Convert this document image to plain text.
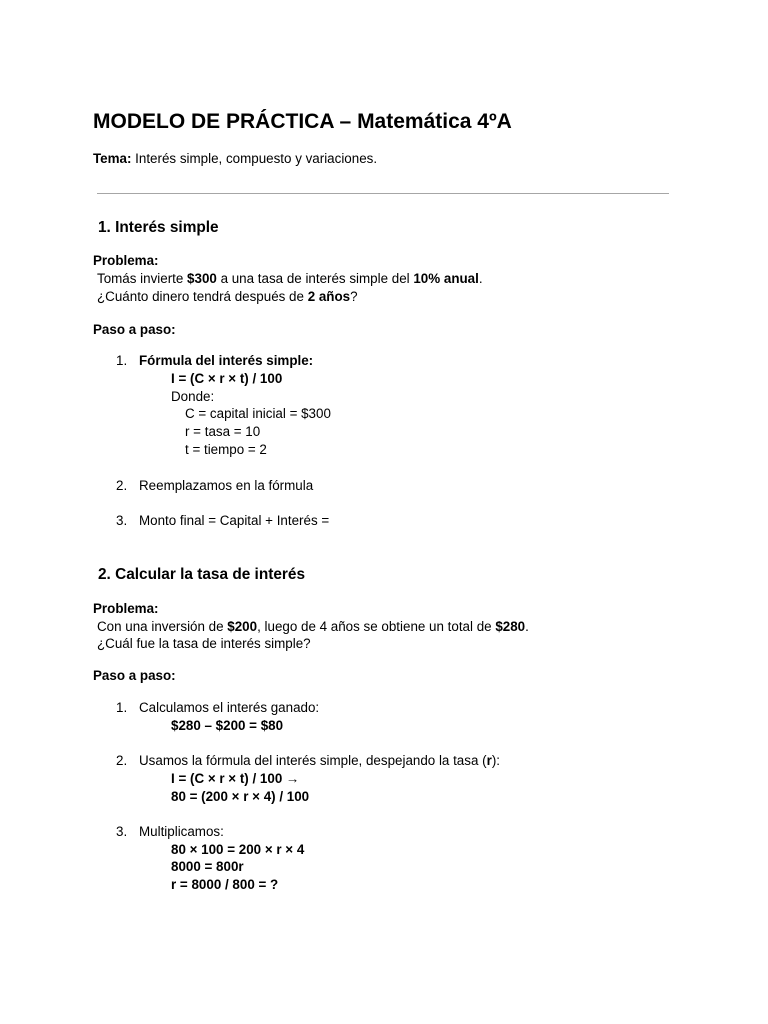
MODELO DE PRÁCTICA – Matemática 4ºA
Tema: Interés simple, compuesto y variaciones.
1. Interés simple
Problema:
Tomás invierte $300 a una tasa de interés simple del 10% anual.
¿Cuánto dinero tendrá después de 2 años?
Paso a paso:
1. Fórmula del interés simple:
I = (C × r × t) / 100
Donde:
C = capital inicial = $300
r = tasa = 10
t = tiempo = 2
2. Reemplazamos en la fórmula
3. Monto final = Capital + Interés =
2. Calcular la tasa de interés
Problema:
Con una inversión de $200, luego de 4 años se obtiene un total de $280.
¿Cuál fue la tasa de interés simple?
Paso a paso:
1. Calculamos el interés ganado:
$280 – $200 = $80
2. Usamos la fórmula del interés simple, despejando la tasa (r):
I = (C × r × t) / 100 →
80 = (200 × r × 4) / 100
3. Multiplicamos:
80 × 100 = 200 × r × 4
8000 = 800r
r = 8000 / 800 = ?
